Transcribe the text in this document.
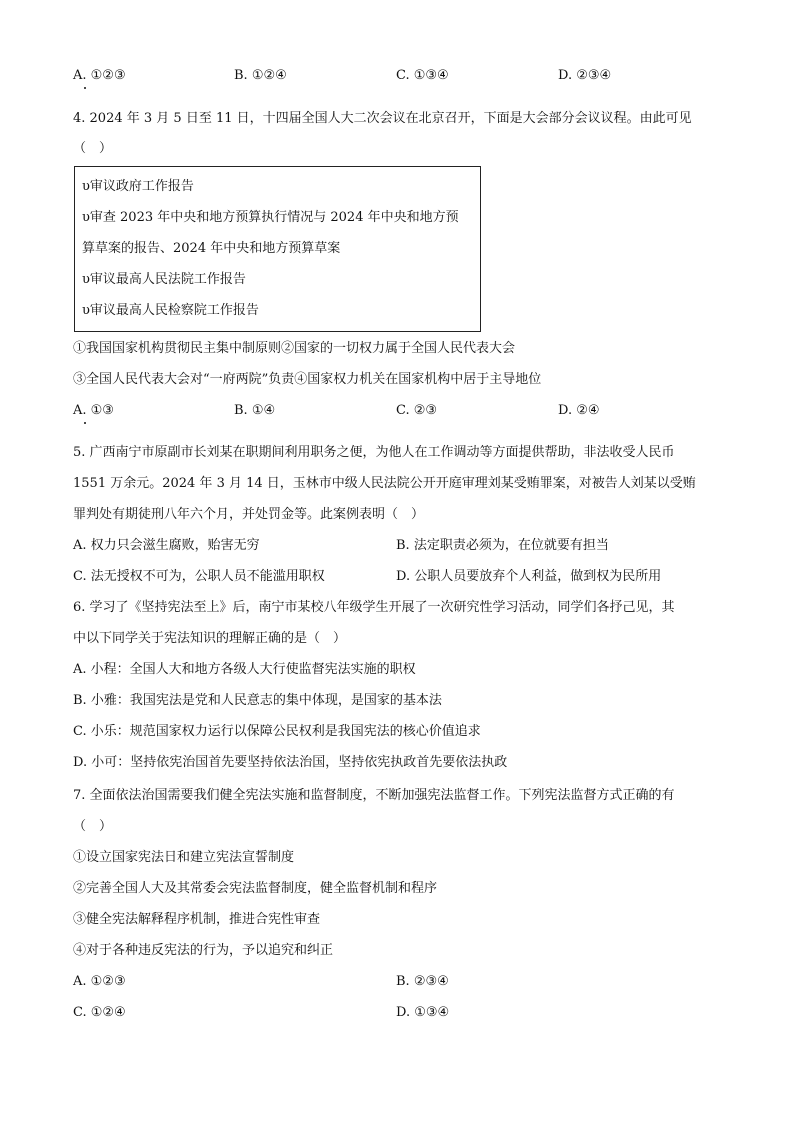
A. ①②③	B. ①②④	C. ①③④	D. ②③④
4. 2024 年 3 月 5 日至 11 日，十四届全国人大二次会议在北京召开，下面是大会部分会议议程。由此可见
（　）
υ审议政府工作报告
υ审查 2023 年中央和地方预算执行情况与 2024 年中央和地方预
算草案的报告、2024 年中央和地方预算草案
υ审议最高人民法院工作报告
υ审议最高人民检察院工作报告
①我国国家机构贯彻民主集中制原则②国家的一切权力属于全国人民代表大会
③全国人民代表大会对“一府两院”负责④国家权力机关在国家机构中居于主导地位
A. ①③	B. ①④	C. ②③	D. ②④
5. 广西南宁市原副市长刘某在职期间利用职务之便，为他人在工作调动等方面提供帮助，非法收受人民币
1551 万余元。2024 年 3 月 14 日，玉林市中级人民法院公开开庭审理刘某受贿罪案，对被告人刘某以受贿
罪判处有期徒刑八年六个月，并处罚金等。此案例表明（　）
A. 权力只会滋生腐败，贻害无穷	B. 法定职责必须为，在位就要有担当
C. 法无授权不可为，公职人员不能滥用职权	D. 公职人员要放弃个人利益，做到权为民所用
6. 学习了《坚持宪法至上》后，南宁市某校八年级学生开展了一次研究性学习活动，同学们各抒己见，其
中以下同学关于宪法知识的理解正确的是（　）
A. 小程：全国人大和地方各级人大行使监督宪法实施的职权
B. 小雅：我国宪法是党和人民意志的集中体现，是国家的基本法
C. 小乐：规范国家权力运行以保障公民权利是我国宪法的核心价值追求
D. 小可：坚持依宪治国首先要坚持依法治国，坚持依宪执政首先要依法执政
7. 全面依法治国需要我们健全宪法实施和监督制度，不断加强宪法监督工作。下列宪法监督方式正确的有
（　）
①设立国家宪法日和建立宪法宣誓制度
②完善全国人大及其常委会宪法监督制度，健全监督机制和程序
③健全宪法解释程序机制，推进合宪性审查
④对于各种违反宪法的行为，予以追究和纠正
A. ①②③	B. ②③④
C. ①②④	D. ①③④
